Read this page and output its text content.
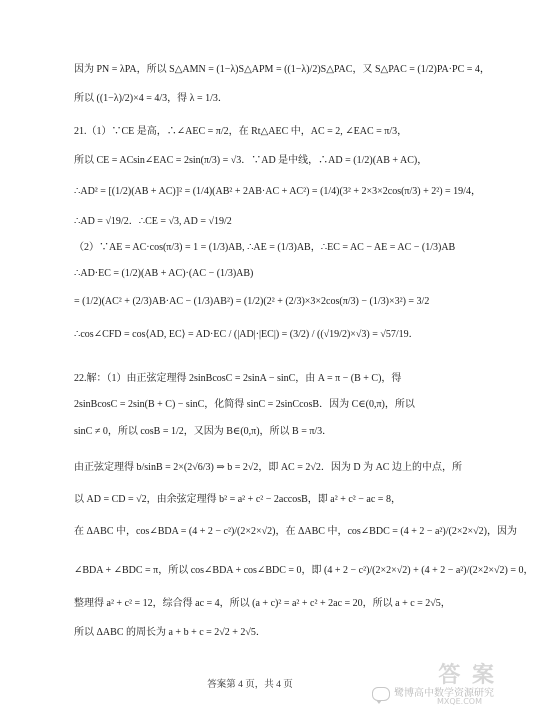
因为 PN = λPA，所以 S△AMN = (1−λ)S△APM = ((1−λ)/2)S△PAC，又 S△PAC = (1/2)PA·PC = 4，
所以 ((1−λ)/2)×4 = 4/3，得 λ = 1/3．
21.（1）∵CE 是高，∴∠AEC = π/2，在 Rt△AEC 中，AC = 2, ∠EAC = π/3，
所以 CE = ACsin∠EAC = 2sin(π/3) = √3．∵AD 是中线，∴AD = (1/2)(AB + AC)，
∴AD² = [(1/2)(AB + AC)]² = (1/4)(AB² + 2AB·AC + AC²) = (1/4)(3² + 2×3×2cos(π/3) + 2²) = 19/4，
∴AD = √19/2．∴CE = √3, AD = √19/2
（2）∵AE = AC·cos(π/3) = 1 = (1/3)AB, ∴AE = (1/3)AB，∴EC = AC − AE = AC − (1/3)AB
∴AD·EC = (1/2)(AB + AC)·(AC − (1/3)AB)
= (1/2)(AC² + (2/3)AB·AC − (1/3)AB²) = (1/2)(2² + (2/3)×3×2cos(π/3) − (1/3)×3²) = 3/2
∴cos∠CFD = cos⟨AD, EC⟩ = AD·EC / (|AD|·|EC|) = (3/2) / ((√19/2)×√3) = √57/19．
22.解：（1）由正弦定理得 2sinBcosC = 2sinA − sinC，由 A = π − (B + C)，得
2sinBcosC = 2sin(B + C) − sinC，化简得 sinC = 2sinCcosB．因为 C∈(0,π)，所以
sinC ≠ 0，所以 cosB = 1/2，又因为 B∈(0,π)，所以 B = π/3．
由正弦定理得 b/sinB = 2×(2√6/3) ⇒ b = 2√2，即 AC = 2√2．因为 D 为 AC 边上的中点，所
以 AD = CD = √2，由余弦定理得 b² = a² + c² − 2accosB，即 a² + c² − ac = 8，
在 ΔABC 中，cos∠BDA = (4 + 2 − c²)/(2×2×√2)，在 ΔABC 中，cos∠BDC = (4 + 2 − a²)/(2×2×√2)，因为
∠BDA + ∠BDC = π，所以 cos∠BDA + cos∠BDC = 0，即 (4 + 2 − c²)/(2×2×√2) + (4 + 2 − a²)/(2×2×√2) = 0，
整理得 a² + c² = 12，综合得 ac = 4，所以 (a + c)² = a² + c² + 2ac = 20，所以 a + c = 2√5，
所以 ΔABC 的周长为 a + b + c = 2√2 + 2√5．
答案第 4 页，共 4 页	答 案
鹭博高中数学资源研究
MXQE.COM
